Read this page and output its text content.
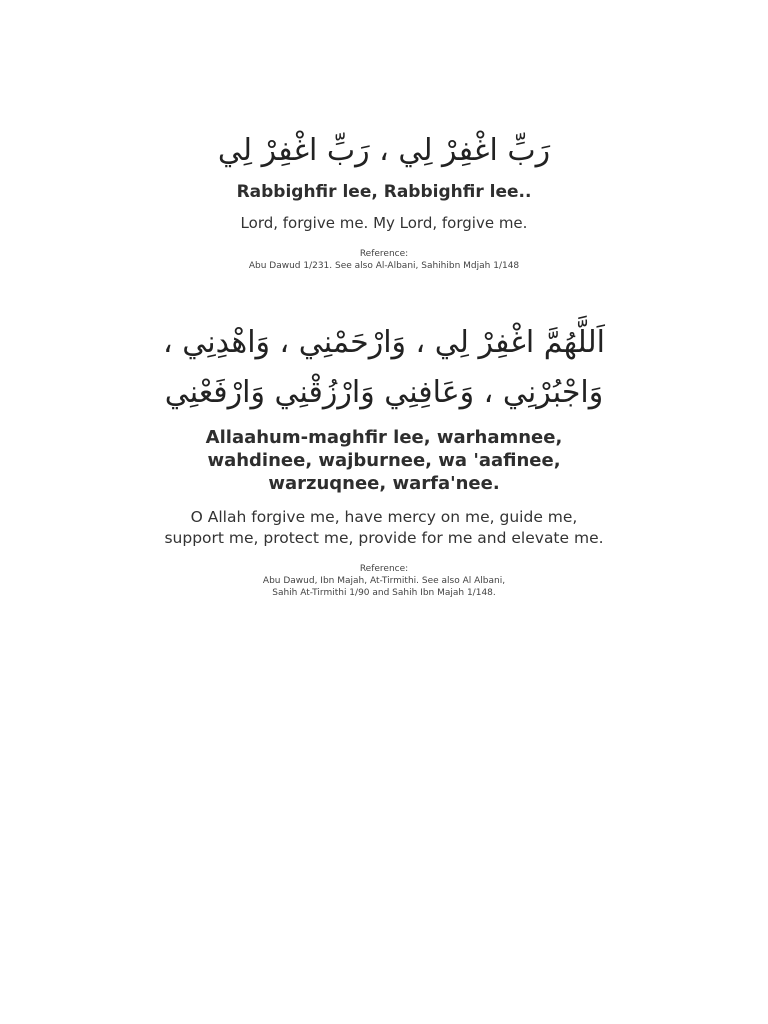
رَبِّ اغْفِرْ لِي ، رَبِّ اغْفِرْ لِي
Rabbighfir lee, Rabbighfir lee..
Lord, forgive me. My Lord, forgive me.
Reference:
Abu Dawud 1/231. See also Al-Albani, Sahihibn Mdjah 1/148
اَللَّهُمَّ اغْفِرْ لِي ، وَارْحَمْنِي ، وَاهْدِنِي ،
وَاجْبُرْنِي ، وَعَافِنِي وَارْزُقْنِي وَارْفَعْنِي
Allaahum-maghfir lee, warhamnee,
wahdinee, wajburnee, wa 'aafinee,
warzuqnee, warfa'nee.
O Allah forgive me, have mercy on me, guide me,
support me, protect me, provide for me and elevate me.
Reference:
Abu Dawud, Ibn Majah, At-Tirmithi. See also Al Albani,
Sahih At-Tirmithi 1/90 and Sahih Ibn Majah 1/148.
